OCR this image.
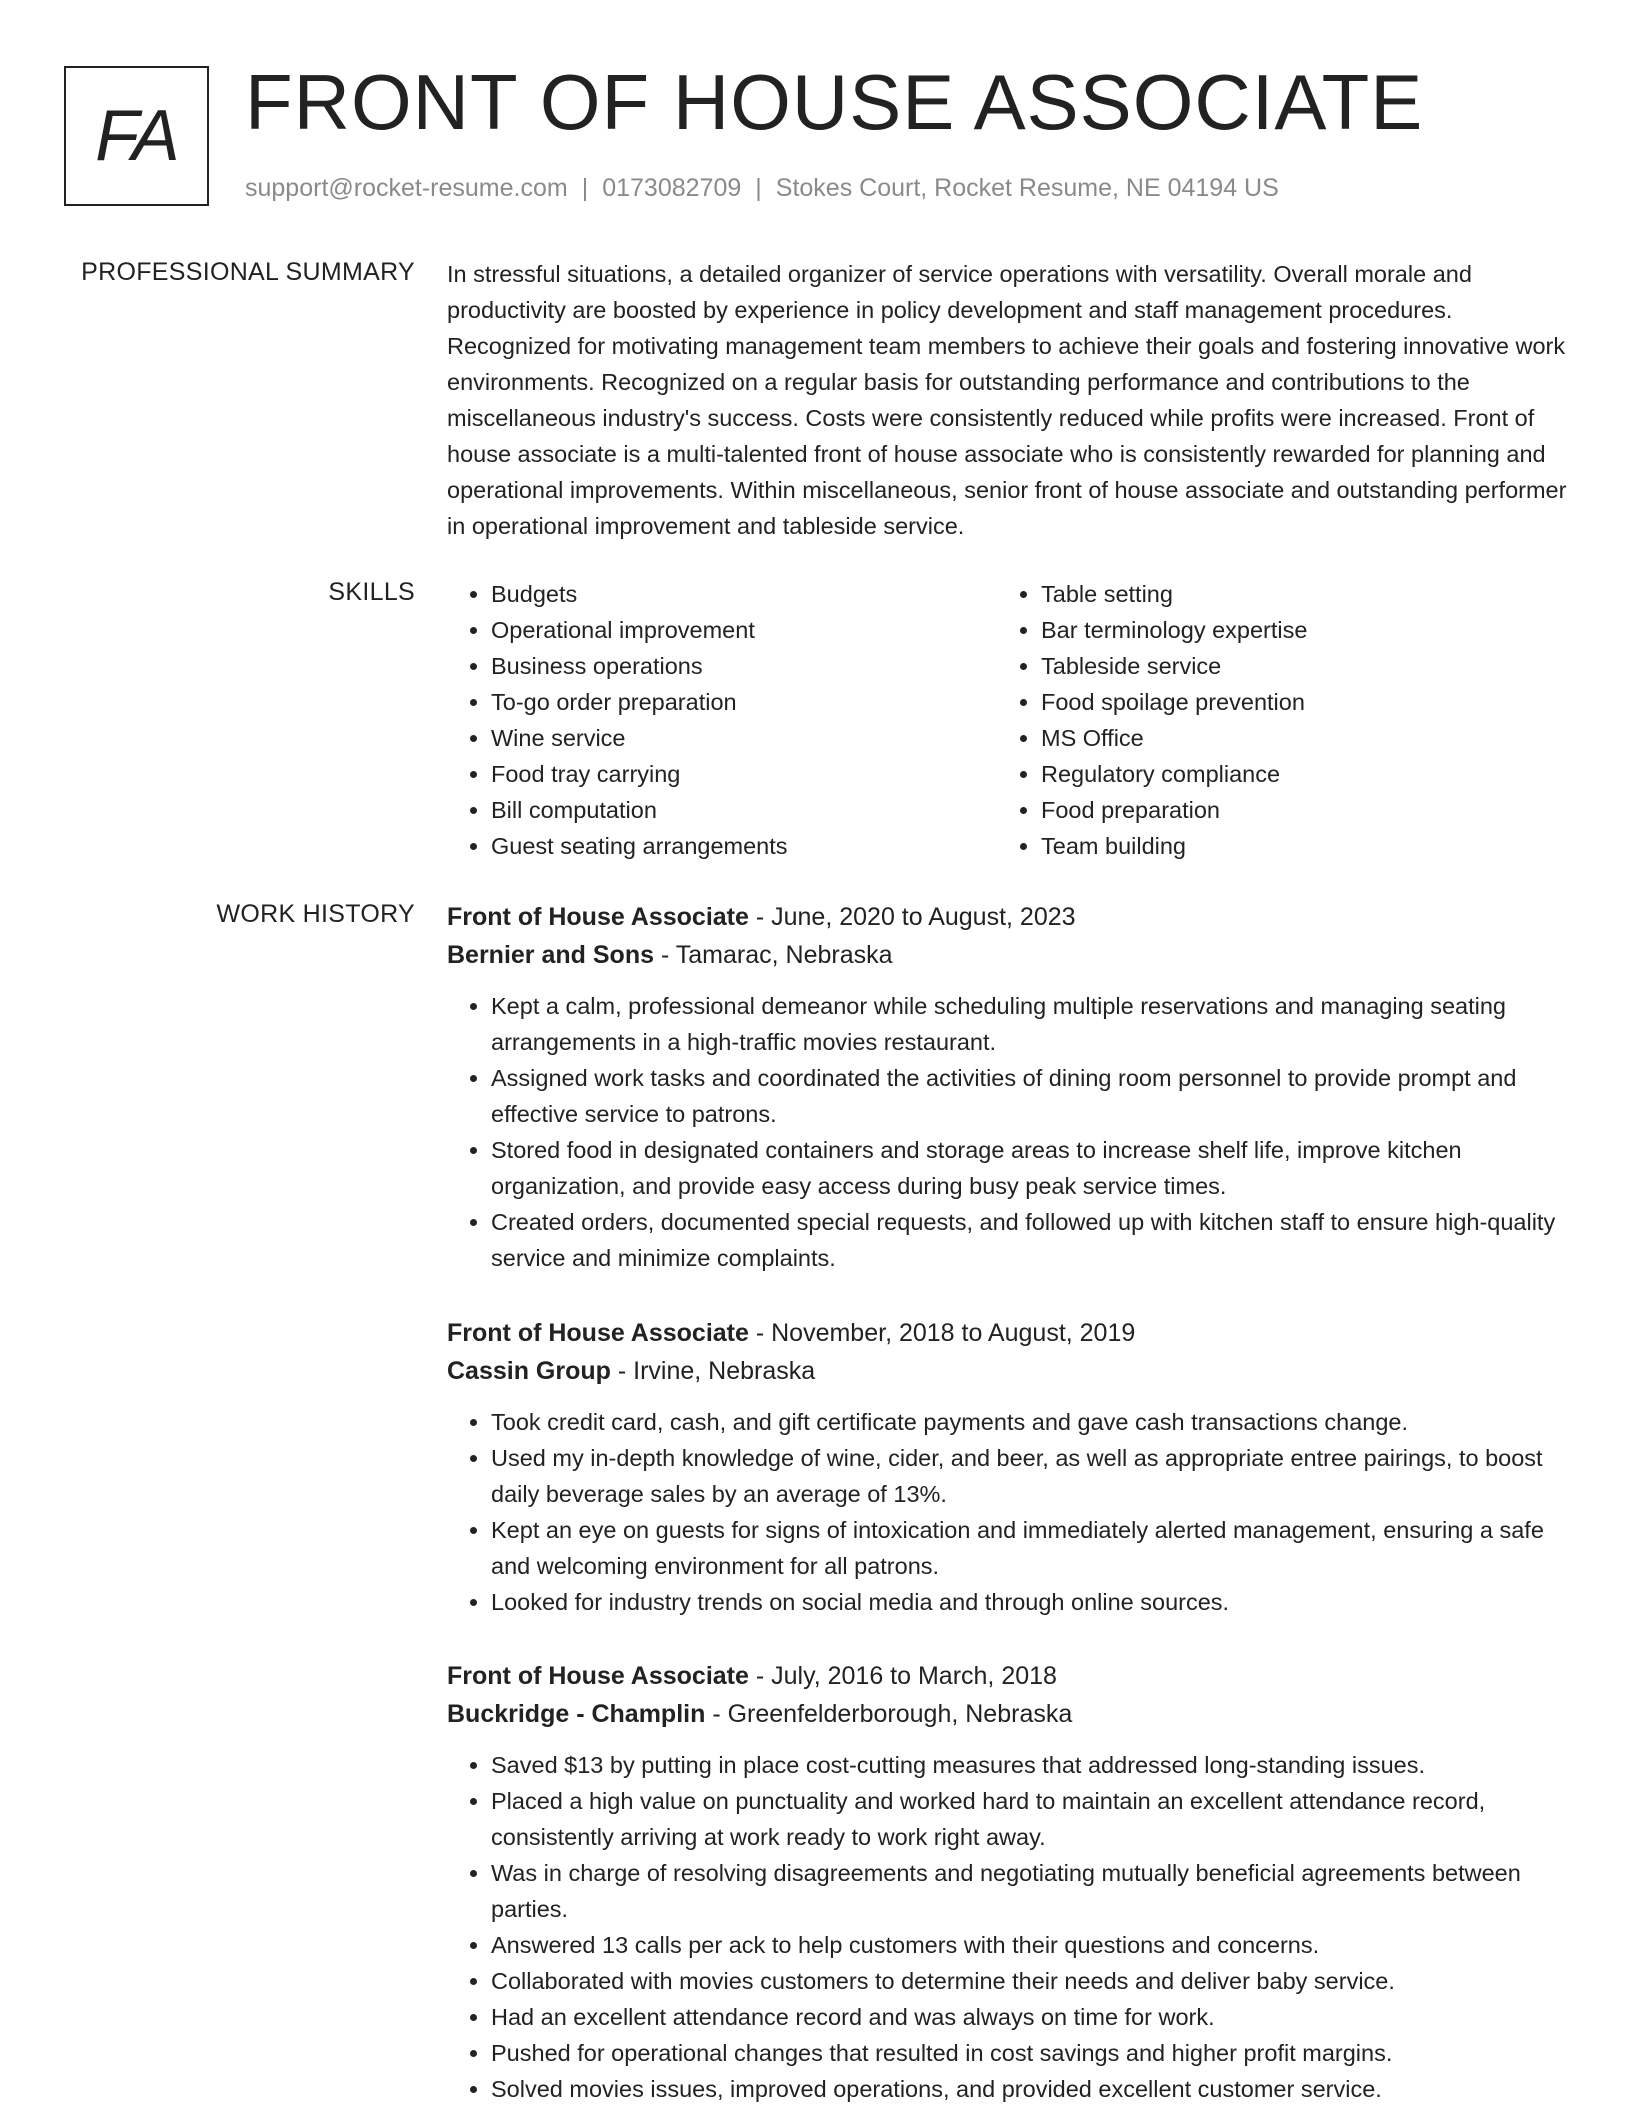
FA FRONT OF HOUSE ASSOCIATE
support@rocket-resume.com | 0173082709 | Stokes Court, Rocket Resume, NE 04194 US
PROFESSIONAL SUMMARY In stressful situations, a detailed organizer of service operations with versatility. Overall morale and productivity are boosted by experience in policy development and staff management procedures. Recognized for motivating management team members to achieve their goals and fostering innovative work environments. Recognized on a regular basis for outstanding performance and contributions to the miscellaneous industry's success. Costs were consistently reduced while profits were increased. Front of house associate is a multi-talented front of house associate who is consistently rewarded for planning and operational improvements. Within miscellaneous, senior front of house associate and outstanding performer in operational improvement and tableside service.

SKILLS
•	Budgets
• Operational improvement
• Business operations
• To-go order preparation
• Wine service
• Food tray carrying
• Bill computation
• Guest seating arrangements
• Table setting
• Bar terminology expertise
• Tableside service
• Food spoilage prevention
• MS Office
• Regulatory compliance
• Food preparation
• Team building
WORK HISTORY Front of House Associate - June, 2020 to August, 2023
Bernier and Sons - Tamarac, Nebraska
• Kept a calm, professional demeanor while scheduling multiple reservations and managing seating arrangements in a high-traffic movies restaurant.
• Assigned work tasks and coordinated the activities of dining room personnel to provide prompt and effective service to patrons.
• Stored food in designated containers and storage areas to increase shelf life, improve kitchen organization, and provide easy access during busy peak service times.
• Created orders, documented special requests, and followed up with kitchen staff to ensure high-quality service and minimize complaints.
Front of House Associate - November, 2018 to August, 2019
Cassin Group - Irvine, Nebraska
• Took credit card, cash, and gift certificate payments and gave cash transactions change.
• Used my in-depth knowledge of wine, cider, and beer, as well as appropriate entree pairings, to boost daily beverage sales by an average of 13%.
• Kept an eye on guests for signs of intoxication and immediately alerted management, ensuring a safe and welcoming environment for all patrons.
• Looked for industry trends on social media and through online sources.
Front of House Associate - July, 2016 to March, 2018
Buckridge - Champlin - Greenfelderborough, Nebraska
• Saved $13 by putting in place cost-cutting measures that addressed long-standing issues.
• Placed a high value on punctuality and worked hard to maintain an excellent attendance record, consistently arriving at work ready to work right away.
• Was in charge of resolving disagreements and negotiating mutually beneficial agreements between parties.
• Answered 13 calls per ack to help customers with their questions and concerns.
• Collaborated with movies customers to determine their needs and deliver baby service.
• Had an excellent attendance record and was always on time for work.
• Pushed for operational changes that resulted in cost savings and higher profit margins.
• Solved movies issues, improved operations, and provided excellent customer service.
